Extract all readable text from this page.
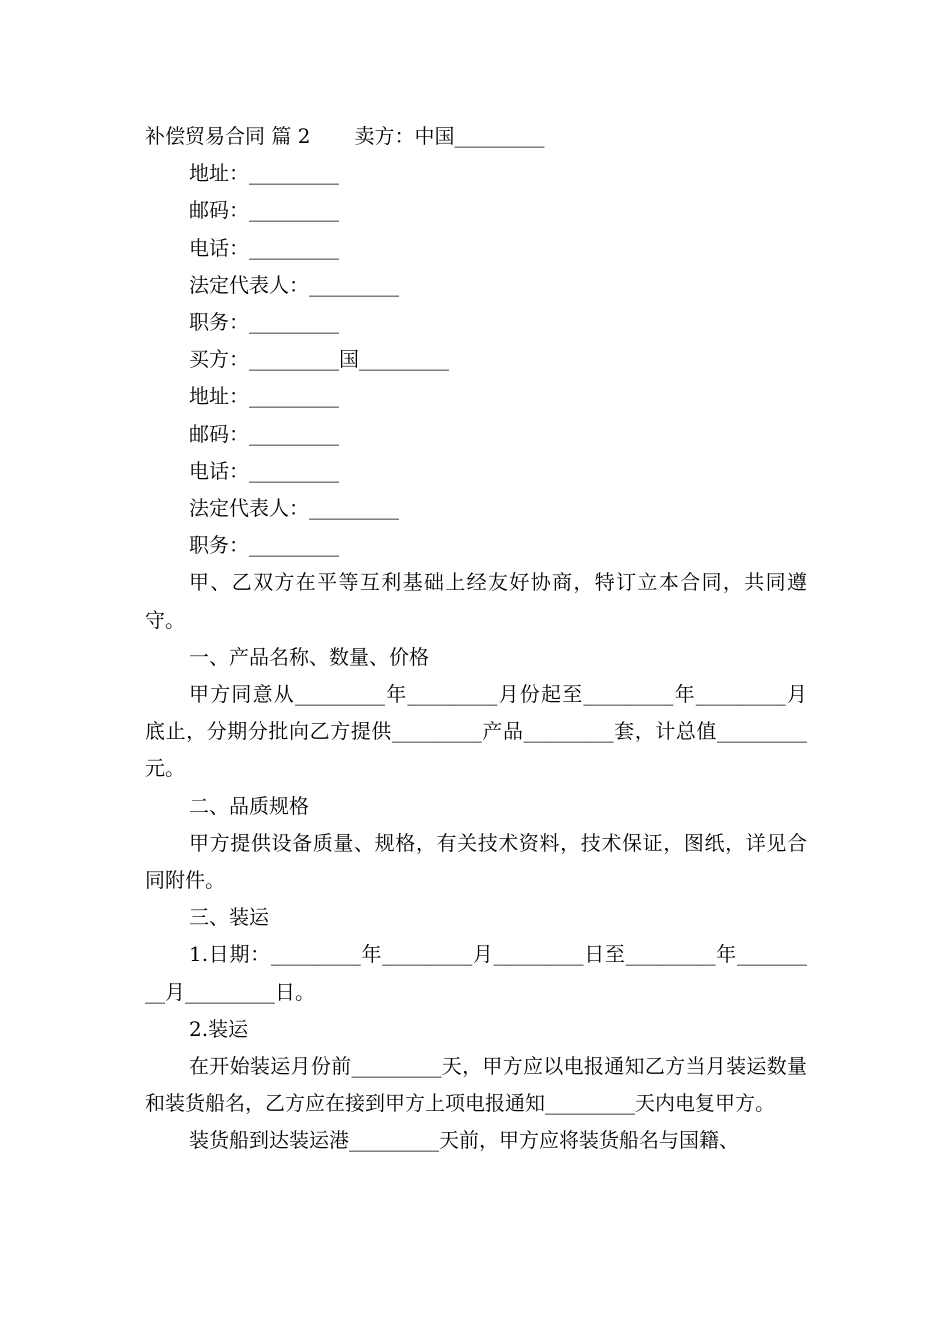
补偿贸易合同 篇 2 卖方：中国_________
地址：_________
邮码：_________
电话：_________
法定代表人：_________
职务：_________
买方：_________国_________
地址：_________
邮码：_________
电话：_________
法定代表人：_________
职务：_________
甲、乙双方在平等互利基础上经友好协商，特订立本合同，共同遵守。
一、产品名称、数量、价格
甲方同意从_________年_________月份起至_________年_________月底止，分期分批向乙方提供_________产品_________套，计总值_________元。
二、品质规格
甲方提供设备质量、规格，有关技术资料，技术保证，图纸，详见合同附件。
三、装运
1.日期：_________年_________月_________日至_________年_________月_________日。
2.装运
在开始装运月份前_________天，甲方应以电报通知乙方当月装运数量和装货船名，乙方应在接到甲方上项电报通知_________天内电复甲方。
装货船到达装运港_________天前，甲方应将装货船名与国籍、
